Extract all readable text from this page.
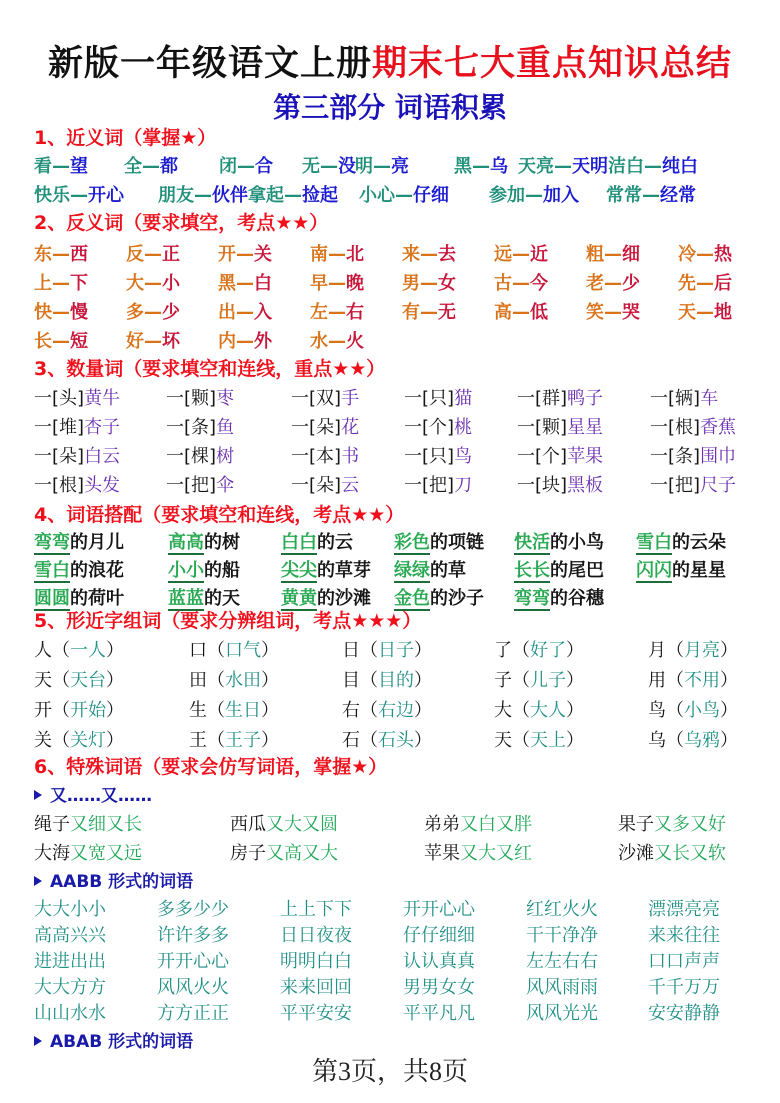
新版一年级语文上册期末七大重点知识总结
第三部分 词语积累
1、近义词（掌握★）
看—望 全—都 闭—合 无—没 明—亮	黑—乌 天亮—天明 洁白—纯白
快乐—开心 朋友—伙伴 拿起—捡起 小心—仔细 参加—加入 常常—经常
2、反义词（要求填空，考点★★）
东—西 反—正 开—关 南—北 来—去 远—近 粗—细 冷—热
上—下 大—小 黑—白 早—晚 男—女 古—今 老—少 先—后
快—慢 多—少 出—入 左—右 有—无 高—低 笑—哭 天—地
长—短 好—坏 内—外 水—火
3、数量词（要求填空和连线，重点★★）
一[头]黄牛	一[颗]枣	一[双]手 一[只]猫 一[群]鸭子	一[辆]车
一[堆]杏子	一[条]鱼	一[朵]花 一[个]桃 一[颗]星星	一[根]香蕉
一[朵]白云	一[棵]树	一[本]书 一[只]鸟 一[个]苹果	一[条]围巾
一[根]头发	一[把]伞	一[朵]云 一[把]刀 一[块]黑板	一[把]尺子
4、词语搭配（要求填空和连线，考点★★）
弯弯的月儿 高高的树 白白的云 彩色的项链 快活的小鸟 雪白的云朵
雪白的浪花 小小的船 尖尖的草芽 绿绿的草	长长的尾巴 闪闪的星星
圆圆的荷叶 蓝蓝的天 黄黄的沙滩 金色的沙子 弯弯的谷穗
5、形近字组词（要求分辨组词，考点★★★）
人（一人）	口（口气）	日（日子）	了（好了）	月（月亮）
天（天台）	田（水田）	目（目的）	子（儿子）	用（不用）
开（开始）	生（生日）	右（右边）	大（大人）	鸟（小鸟）
关（关灯）	王（王子）	石（石头）	天（天上）	乌（乌鸦）
6、特殊词语（要求会仿写词语，掌握★）
又……又……
绳子又细又长	西瓜又大又圆	弟弟又白又胖	果子又多又好
大海又宽又远	房子又高又大	苹果又大又红	沙滩又长又软
AABB 形式的词语
大大小小	多多少少	上上下下	开开心心	红红火火	漂漂亮亮
高高兴兴	许许多多	日日夜夜	仔仔细细	干干净净	来来往往
进进出出	开开心心	明明白白	认认真真	左左右右	口口声声
大大方方	风风火火	来来回回	男男女女	风风雨雨	千千万万
山山水水	方方正正	平平安安	平平凡凡	风风光光	安安静静
ABAB 形式的词语
第3页，共8页
